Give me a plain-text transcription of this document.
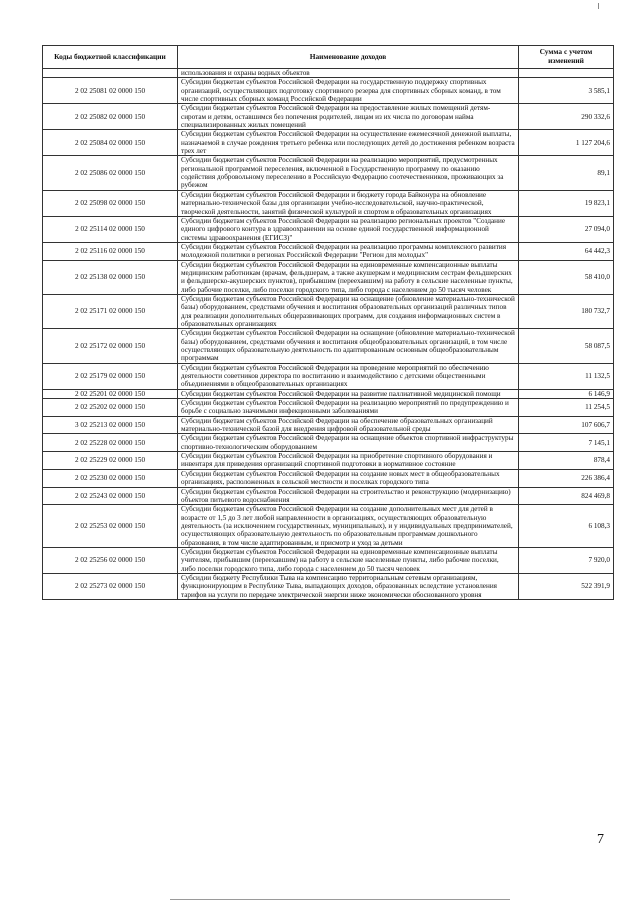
Коды бюджетной классификации	Наименование доходов	Сумма с учетом изменений
	использования и охраны водных объектов	
2 02 25081 02 0000 150	Субсидии бюджетам субъектов Российской Федерации на государственную поддержку спортивных организаций, осуществляющих подготовку спортивного резерва для спортивных сборных команд, в том числе спортивных сборных команд Российской Федерации	3 585,1
2 02 25082 02 0000 150	Субсидии бюджетам субъектов Российской Федерации на предоставление жилых помещений детям-сиротам и детям, оставшимся без попечения родителей, лицам из их числа по договорам найма специализированных жилых помещений	290 332,6
2 02 25084 02 0000 150	Субсидии бюджетам субъектов Российской Федерации на осуществление ежемесячной денежной выплаты, назначаемой в случае рождения третьего ребенка или последующих детей до достижения ребенком возраста трех лет	1 127 204,6
2 02 25086 02 0000 150	Субсидии бюджетам субъектов Российской Федерации на реализацию мероприятий, предусмотренных региональной программой переселения, включенной в Государственную программу по оказанию содействия добровольному переселению в Российскую Федерацию соотечественников, проживающих за рубежом	89,1
2 02 25098 02 0000 150	Субсидии бюджетам субъектов Российской Федерации и бюджету города Байконура на обновление материально-технической базы для организации учебно-исследовательской, научно-практической, творческой деятельности, занятий физической культурой и спортом в образовательных организациях	19 823,1
2 02 25114 02 0000 150	Субсидии бюджетам субъектов Российской Федерации на реализацию региональных проектов "Создание единого цифрового контура в здравоохранении на основе единой государственной информационной системы здравоохранения (ЕГИСЗ)"	27 094,0
2 02 25116 02 0000 150	Субсидии бюджетам субъектов Российской Федерации на реализацию программы комплексного развития молодежной политики в регионах Российской Федерации "Регион для молодых"	64 442,3
2 02 25138 02 0000 150	Субсидии бюджетам субъектов Российской Федерации на единовременные компенсационные выплаты медицинским работникам (врачам, фельдшерам, а также акушеркам и медицинским сестрам фельдшерских и фельдшерско-акушерских пунктов), прибывшим (переехавшим) на работу в сельские населенные пункты, либо рабочие поселки, либо поселки городского типа, либо города с населением до 50 тысяч человек	58 410,0
2 02 25171 02 0000 150	Субсидии бюджетам субъектов Российской Федерации на оснащение (обновление материально-технической базы) оборудованием, средствами обучения и воспитания образовательных организаций различных типов для реализации дополнительных общеразвивающих программ, для создания информационных систем в образовательных организациях	180 732,7
2 02 25172 02 0000 150	Субсидии бюджетам субъектов Российской Федерации на оснащение (обновление материально-технической базы) оборудованием, средствами обучения и воспитания общеобразовательных организаций, в том числе осуществляющих образовательную деятельность по адаптированным основным общеобразовательным программам	58 087,5
2 02 25179 02 0000 150	Субсидии бюджетам субъектов Российской Федерации на проведение мероприятий по обеспечению деятельности советников директора по воспитанию и взаимодействию с детскими общественными объединениями в общеобразовательных организациях	11 132,5
2 02 25201 02 0000 150	Субсидии бюджетам субъектов Российской Федерации на развитие паллиативной медицинской помощи	6 146,9
2 02 25202 02 0000 150	Субсидии бюджетам субъектов Российской Федерации на реализацию мероприятий по предупреждению и борьбе с социально значимыми инфекционными заболеваниями	11 254,5
3 02 25213 02 0000 150	Субсидии бюджетам субъектов Российской Федерации на обеспечение образовательных организаций материально-технической базой для внедрения цифровой образовательной среды	107 606,7
2 02 25228 02 0000 150	Субсидии бюджетам субъектов Российской Федерации на оснащение объектов спортивной инфраструктуры спортивно-технологическим оборудованием	7 145,1
2 02 25229 02 0000 150	Субсидии бюджетам субъектов Российской Федерации на приобретение спортивного оборудования и инвентаря для приведения организаций спортивной подготовки в нормативное состояние	878,4
2 02 25230 02 0000 150	Субсидии бюджетам субъектов Российской Федерации на создание новых мест в общеобразовательных организациях, расположенных в сельской местности и поселках городского типа	226 386,4
2 02 25243 02 0000 150	Субсидии бюджетам субъектов Российской Федерации на строительство и реконструкцию (модернизацию) объектов питьевого водоснабжения	824 469,8
2 02 25253 02 0000 150	Субсидии бюджетам субъектов Российской Федерации на создание дополнительных мест для детей в возрасте от 1,5 до 3 лет любой направленности в организациях, осуществляющих образовательную деятельность (за исключением государственных, муниципальных), и у индивидуальных предпринимателей, осуществляющих образовательную деятельность по образовательным программам дошкольного образования, в том числе адаптированным, и присмотр и уход за детьми	6 108,3
2 02 25256 02 0000 150	Субсидии бюджетам субъектов Российской Федерации на единовременные компенсационные выплаты учителям, прибывшим (переехавшим) на работу в сельские населенные пункты, либо рабочие поселки, либо поселки городского типа, либо города с населением до 50 тысяч человек	7 920,0
2 02 25273 02 0000 150	Субсидии бюджету Республики Тыва на компенсацию территориальным сетевым организациям, функционирующим в Республике Тыва, выпадающих доходов, образованных вследствие установления тарифов на услуги по передаче электрической энергии ниже экономически обоснованного уровня	522 391,9
7
